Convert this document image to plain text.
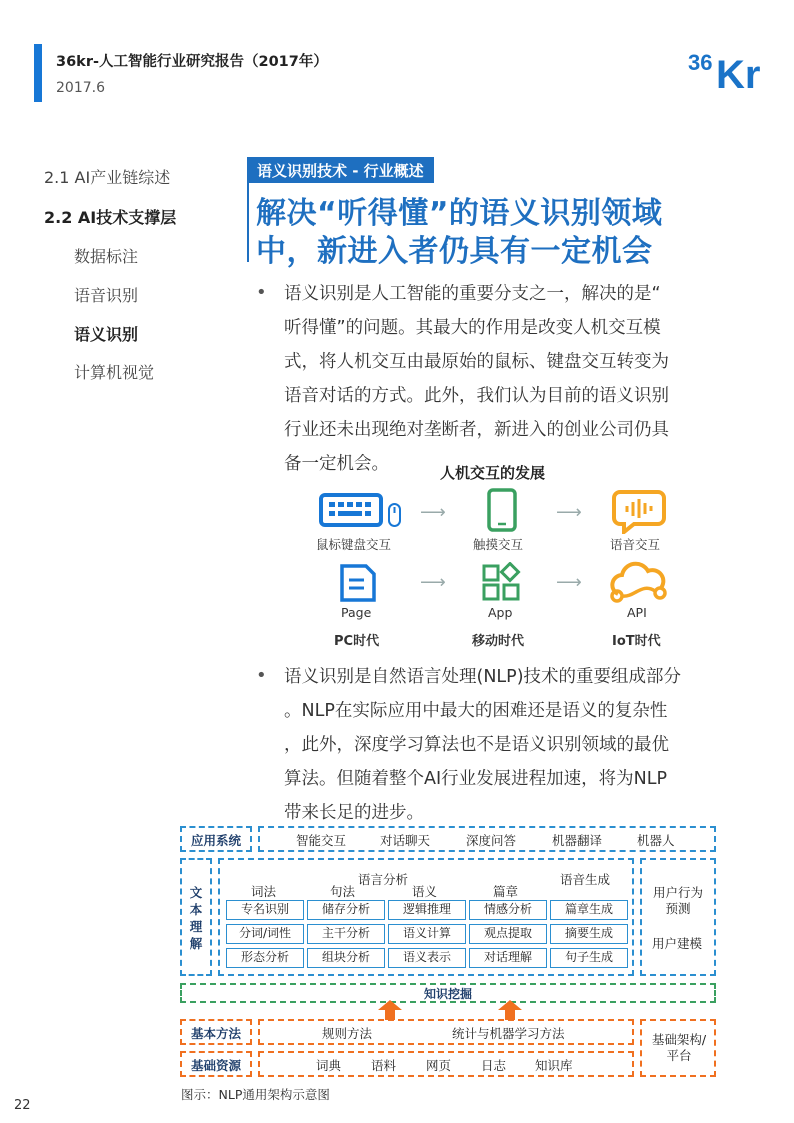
36kr-人工智能行业研究报告（2017年）
2017.6
36 Kr
2.1 AI产业链综述
2.2 AI技术支撑层
数据标注
语音识别
语义识别
计算机视觉
语义识别技术 - 行业概述
解决“听得懂”的语义识别领域
中，新进入者仍具有一定机会
• 语义识别是人工智能的重要分支之一，解决的是“
听得懂”的问题。其最大的作用是改变人机交互模
式，将人机交互由最原始的鼠标、键盘交互转变为
语音对话的方式。此外，我们认为目前的语义识别
行业还未出现绝对垄断者，新进入的创业公司仍具
备一定机会。	人机交互的发展
鼠标键盘交互
⟶
触摸交互
⟶
语音交互
Page
⟶
App
⟶
API
PC时代	移动时代	IoT时代
• 语义识别是自然语言处理(NLP)技术的重要组成部分
。NLP在实际应用中最大的困难还是语义的复杂性
，此外，深度学习算法也不是语义识别领域的最优
算法。但随着整个AI行业发展进程加速，将为NLP
带来长足的进步。
应用系统	智能交互	对话聊天	深度问答	机器翻译	机器人
文
本
理
解
语言分析	语音生成
词法	句法	语义	篇章
专名识别	储存分析	逻辑推理	情感分析	篇章生成
分词/词性	主干分析	语义计算	观点提取	摘要生成
形态分析	组块分析	语义表示	对话理解	句子生成
用户行为预测
用户建模
知识挖掘
基本方法	规则方法	统计与机器学习方法	基础架构/平台
基础资源	词典 语料 网页 日志 知识库
图示：NLP通用架构示意图
22
